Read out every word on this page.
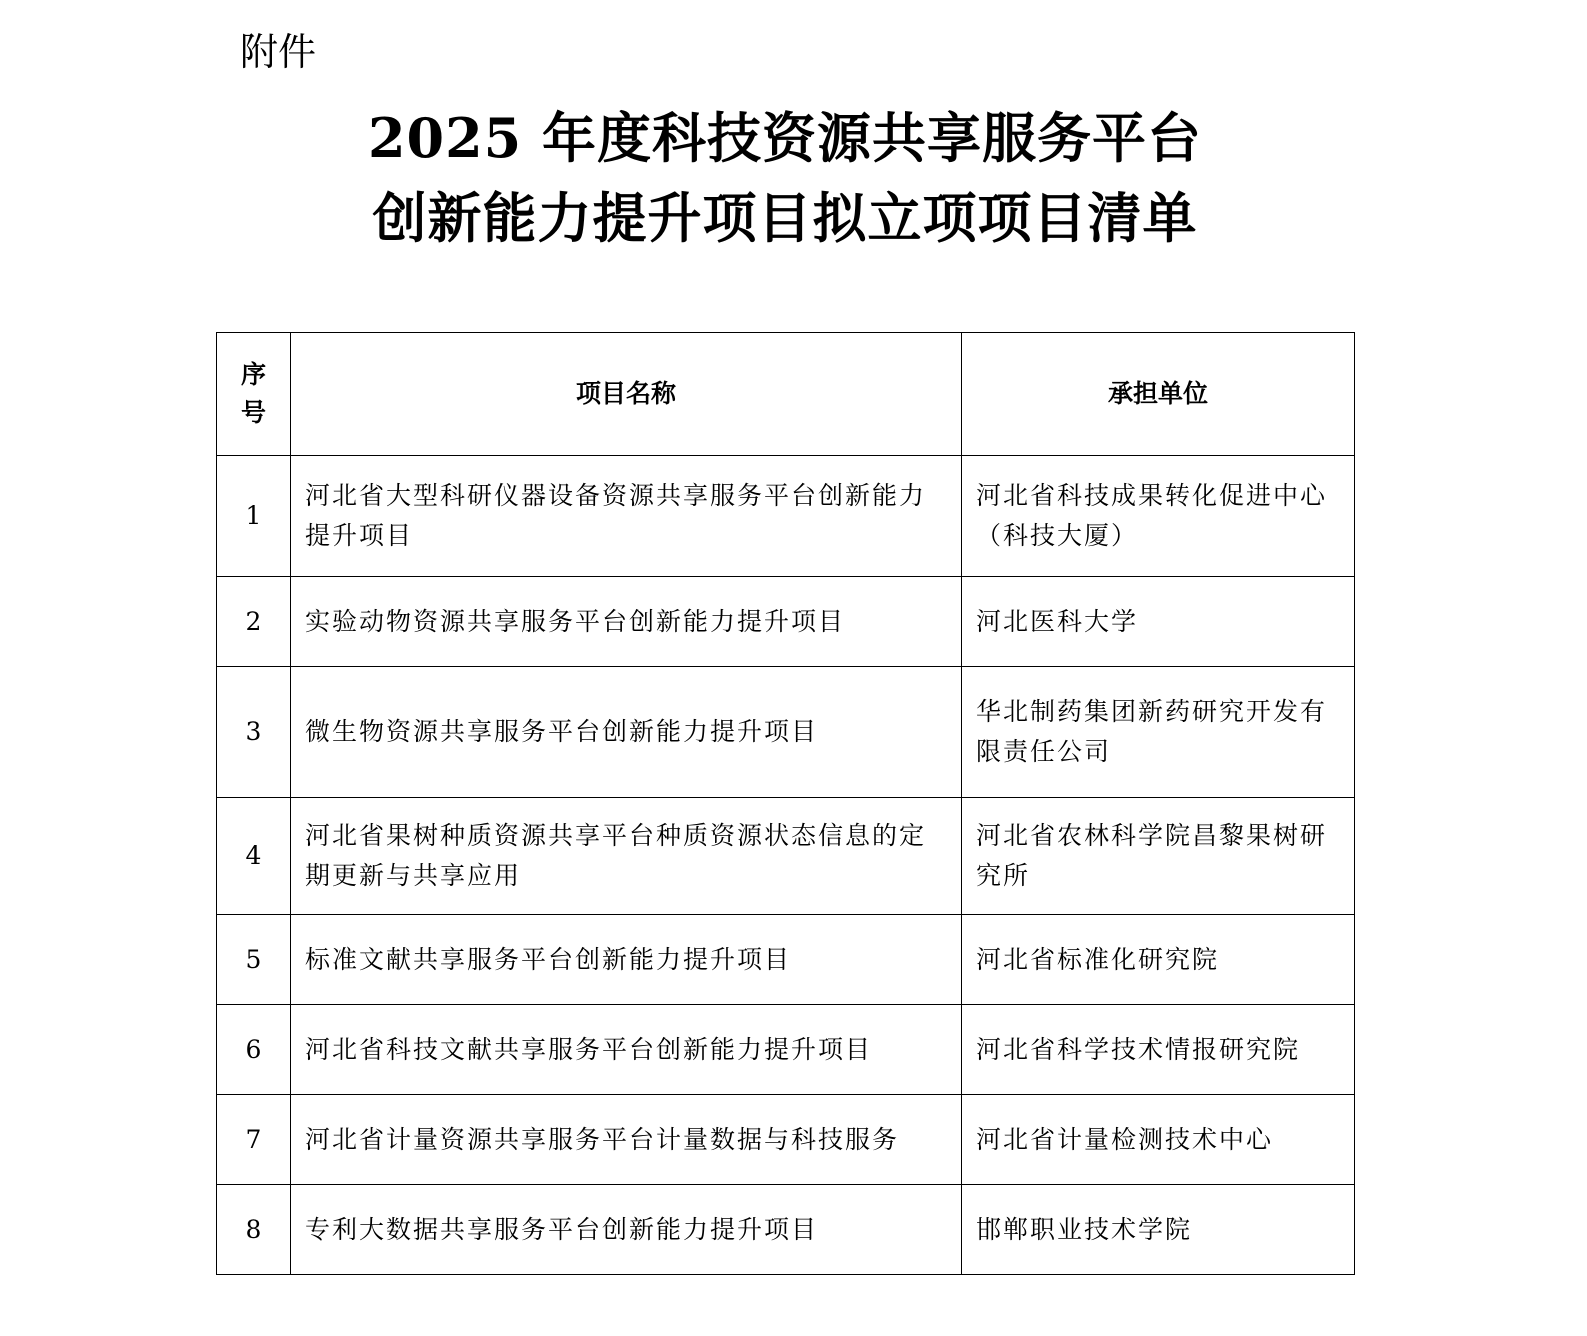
附件
2025 年度科技资源共享服务平台
创新能力提升项目拟立项项目清单
序号	项目名称	承担单位
1	河北省大型科研仪器设备资源共享服务平台创新能力提升项目	河北省科技成果转化促进中心（科技大厦）
2	实验动物资源共享服务平台创新能力提升项目	河北医科大学
3	微生物资源共享服务平台创新能力提升项目	华北制药集团新药研究开发有限责任公司
4	河北省果树种质资源共享平台种质资源状态信息的定期更新与共享应用	河北省农林科学院昌黎果树研究所
5	标准文献共享服务平台创新能力提升项目	河北省标准化研究院
6	河北省科技文献共享服务平台创新能力提升项目	河北省科学技术情报研究院
7	河北省计量资源共享服务平台计量数据与科技服务	河北省计量检测技术中心
8	专利大数据共享服务平台创新能力提升项目	邯郸职业技术学院
